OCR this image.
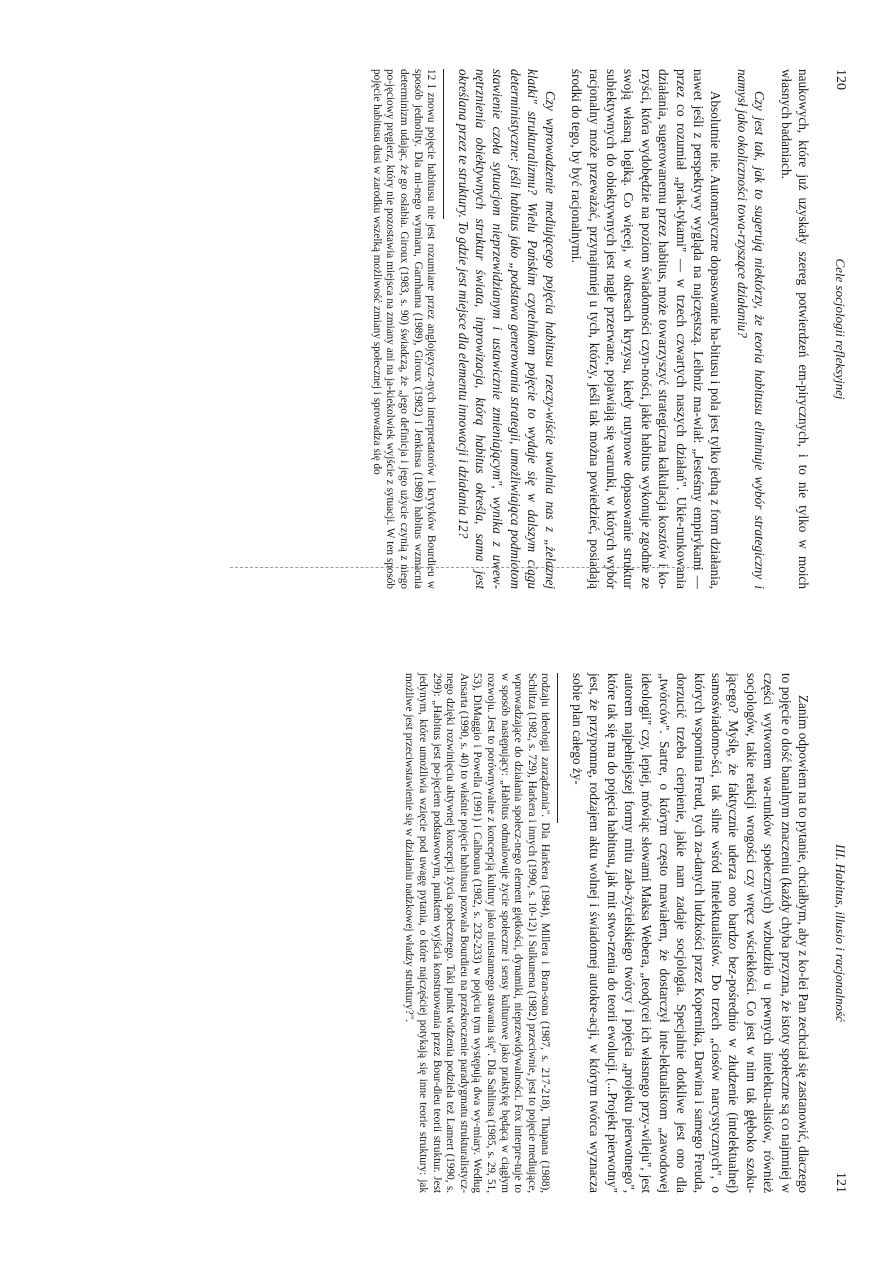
120
Cele socjologii refleksyjnej

naukowych, które już uzyskały szereg potwierdzeń em-pirycznych, i to nie tylko w moich własnych badaniach.

Czy jest tak, jak to sugerują niektórzy, że teoria habitusu eliminuje wybór strategiczny i namysł jako okoliczności towa-rzyszące działaniu?

Absolutnie nie. Automatyczne dopasowanie ha-bitusu i pola jest tylko jedną z form działania, nawet jeśli z perspektywy wygląda na najczęstszą. Leibniz ma-wiał: „Jesteśmy empirykami — przez co rozumiał „prak-tykami" — w trzech czwartych naszych działań". Ukie-runkowania działania, sugerowanemu przez habitus, może towarzyszyć strategiczna kalkulacja kosztów i ko-rzyści, która wydobędzie na poziom świadomości czyn-ności, jakie habitus wykonuje zgodnie ze swoją własną logiką. Co więcej, w okresach kryzysu, kiedy rutynowe dopasowanie struktur subiektywnych do obiektywnych jest nagle przerwane, pojawiają się warunki, w których wybór racjonalny może przeważać, przynajmniej u tych, którzy, jeśli tak można powiedzieć, posiadają środki do tego, by być racjonalnymi.

Czy wprowadzenie mediującego pojęcia habitusu rzeczy-wiście uwalnia nas z „żelaznej klatki" strukturalizmu? Wielu Pańskim czytelnikom pojęcie to wydaje się w dalszym ciągu deterministyczne: jeśli habitus jako „podstawa generowania strategii, umożliwiająca podmiotom stawienie czoła sytuacjom nieprzewidzianym i ustawicznie zmieniającym", wynika z uwew-nętrznienia obiektywnych struktur świata, inprowizacja, którą habitus określa, sama jest określana przez te struktury. To gdzie jest miejsce dla elementu innowacji i działania 12?

12 I znowu pojęcie habitusu nie jest rozumiane przez anglojęzycz-nych interpretatorów i krytyków Bourdieu w sposób jednolity. Dla mi-nego wymiaru, Garnhama (1989), Giroux (1982) i Jenkinsa (1989) habitus wzmacnia determinizm udając, że go osłabia. Giroux (1983, s. 90) świadczą, że „jego definicja i jego użycie czynią z niego po-jęciowy pręgierz, który nie pozostawia miejsca na zmiany ani na ja-kiekolwiek wyjście z sytuacji. W ten sposób pojęcie habitusu dusi w zarodku wszelką możliwość zmiany społecznej i sprowadza się do

III. Habitus, illusio i racjonalność
121

Zanim odpowiem na to pytanie, chciałbym, aby z ko-lei Pan zechciał się zastanowić, dlaczego to pojęcie o dość banalnym znaczeniu (każdy chyba przyzna, że istoty społeczne są co najmniej w części wytworem wa-runków społecznych) wzbudziło u pewnych intelektu-alistów, również socjologów, takie reakcji wrogości czy wręcz wściekłości. Co jest w nim tak głęboko szoku-jącego? Myślę, że faktycznie uderza ono bardzo bez-pośrednio w złudzenie (intelektualnej) samoświadomo-ści, tak silne wśród intelektualistów. Do trzech „ciosów narcystycznych", o których wspomina Freud, tych za-danych ludzkości przez Kopernika, Darwina i samego Freuda, dorzucić trzeba cierpienie, jakie nam zadaje socjologia. Specjalnie dotkliwe jest ono dla „twórców". Sartre, o którym często mawiałem, że dostarczył inte-lektualistom „zawodowej ideologii" czy, lepiej, mówiąc słowami Maksa Webera, „teodycei ich własnego przy-wileju", jest autorem najpełniejszej formy mitu zało-życielskiego twórcy i pojęcia „projektu pierwotnego", które tak się ma do pojęcia habitusu, jak mit stwo-rzenia do teorii ewolucji. (...Projekt pierwotny" jest, że przypomnę, rodzajem aktu wolnej i świadomej autokre-acji, w którym twórca wyznacza sobie plan całego ży-

rodzaju ideologii zarządzania". Dla Harkera (1984), Millera i Bran-sona (1987, s. 217-218), Thapana (1988), Schiltza (1982, s. 729), Harkera i innych (1990, s. 10-12) i Sulkunena (1982) przeciwnie, jest to pojęcie mediujące, wprowadzające do działania społecz-nego element giętkości, dynamiki, nieprzewidywalności. Fox interpre-tuje to w sposób następujący: „Habitus odmalowuje życie społeczne i sensy kulturowe jako praktykę będącą w ciągłym rozwoju. Jest to porównywalne z koncepcją kultury jako nieustannego stawania się". Dla Sahlinsa (1985, s. 29, 51, 53), DiMaggio i Powella (1991) i Calhouna (1982, s. 232-233) w pojęciu tym występują dwa wy-miary. Według Ansarta (1990, s. 40) to właśnie pojęcie habitusu pozwala Bourdieu na przekroczenie paradygmatu strukturalistycz-nego dzięki rozwinięciu aktywnej koncepcji życia społecznego. Taki punkt widzenia podziela też Lamert (1990, s. 299): „Habitus jest po-jęciem podstawowym, punktem wyjścia konstruowania przez Bour-dieu teorii struktur. Jest jedynym, które umożliwia wzięcie pod uwagę pytania, o które najczęściej potykają się inne teorie struktury: jak możliwe jest przeciwstawienie się w działaniu nadzkowej władzy struktury?".
